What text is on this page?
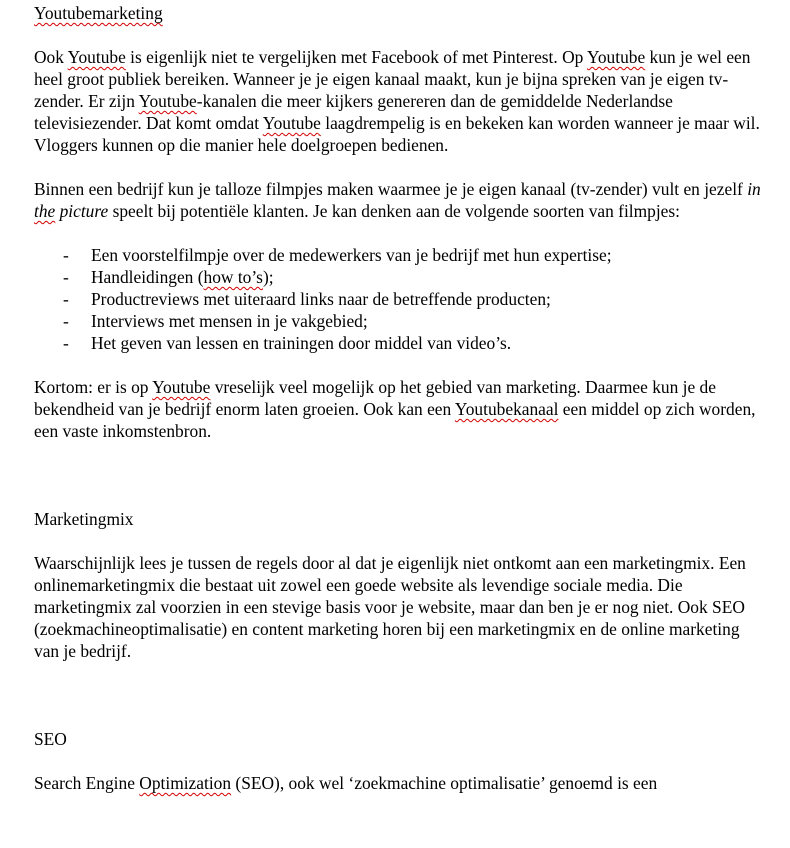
Youtubemarketing

Ook Youtube is eigenlijk niet te vergelijken met Facebook of met Pinterest. Op Youtube kun je wel een heel groot publiek bereiken. Wanneer je je eigen kanaal maakt, kun je bijna spreken van je eigen tv-zender. Er zijn Youtube-kanalen die meer kijkers genereren dan de gemiddelde Nederlandse televisiezender. Dat komt omdat Youtube laagdrempelig is en bekeken kan worden wanneer je maar wil. Vloggers kunnen op die manier hele doelgroepen bedienen.

Binnen een bedrijf kun je talloze filmpjes maken waarmee je je eigen kanaal (tv-zender) vult en jezelf in the picture speelt bij potentiële klanten. Je kan denken aan de volgende soorten van filmpjes:

- Een voorstelfilmpje over de medewerkers van je bedrijf met hun expertise;
- Handleidingen (how to’s);
- Productreviews met uiteraard links naar de betreffende producten;
- Interviews met mensen in je vakgebied;
- Het geven van lessen en trainingen door middel van video’s.

Kortom: er is op Youtube vreselijk veel mogelijk op het gebied van marketing. Daarmee kun je de bekendheid van je bedrijf enorm laten groeien. Ook kan een Youtubekanaal een middel op zich worden, een vaste inkomstenbron.

Marketingmix

Waarschijnlijk lees je tussen de regels door al dat je eigenlijk niet ontkomt aan een marketingmix. Een onlinemarketingmix die bestaat uit zowel een goede website als levendige sociale media. Die marketingmix zal voorzien in een stevige basis voor je website, maar dan ben je er nog niet. Ook SEO (zoekmachineoptimalisatie) en content marketing horen bij een marketingmix en de online marketing van je bedrijf.

SEO

Search Engine Optimization (SEO), ook wel ‘zoekmachine optimalisatie’ genoemd is een
